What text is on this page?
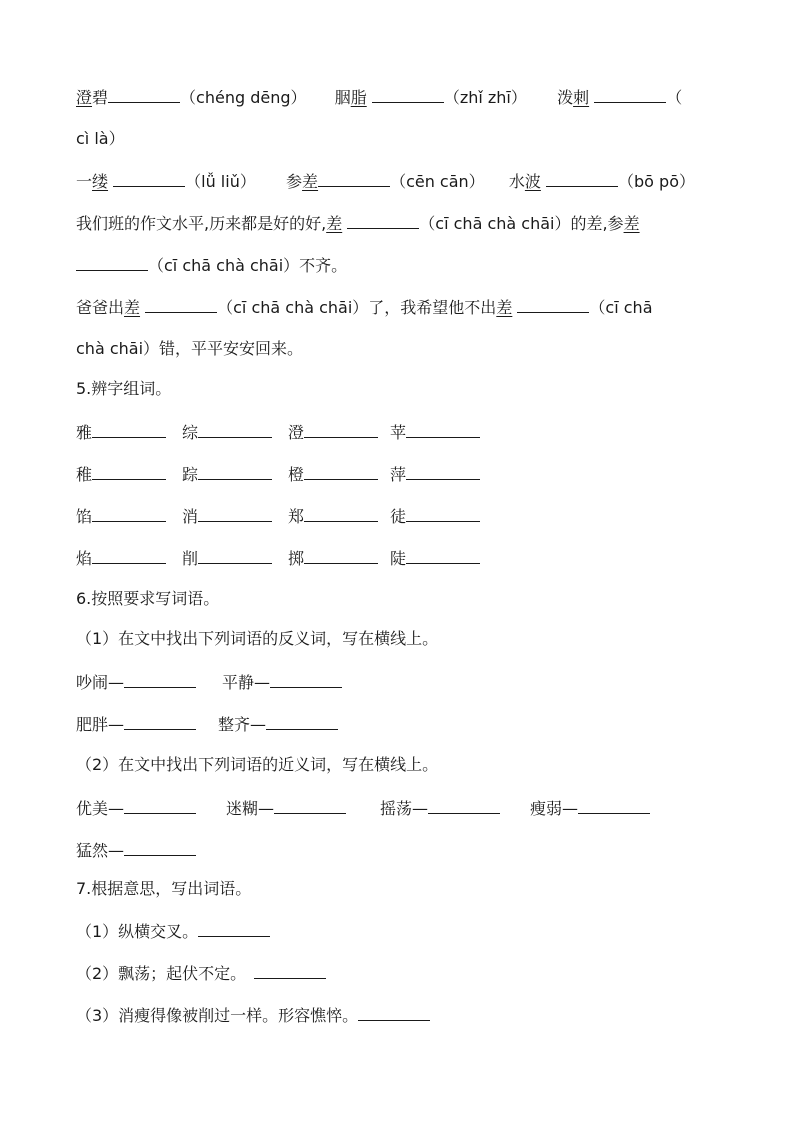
澄碧	（chéng dēng） 胭脂	（zhǐ zhī） 泼刺	（
cì là）
一缕	（lǚ liǔ） 参差	（cēn cān） 水波	（bō pō）
我们班的作文水平,历来都是好的好,差	（cī chā chà chāi）的差,参差
（cī chā chà chāi）不齐。
爸爸出差	（cī chā chà chāi）了，我希望他不出差	（cī chā
chà chāi）错，平平安安回来。
5.辨字组词。
雅	综	澄	苹
稚	踪	橙	萍
馅	消	郑	徒
焰	削	掷	陡
6.按照要求写词语。
（1）在文中找出下列词语的反义词，写在横线上。
吵闹—	平静—
肥胖—	整齐—
（2）在文中找出下列词语的近义词，写在横线上。
优美—	迷糊—	摇荡—	瘦弱—
猛然—
7.根据意思，写出词语。
（1）纵横交叉。
（2）飘荡；起伏不定。
（3）消瘦得像被削过一样。形容憔悴。
